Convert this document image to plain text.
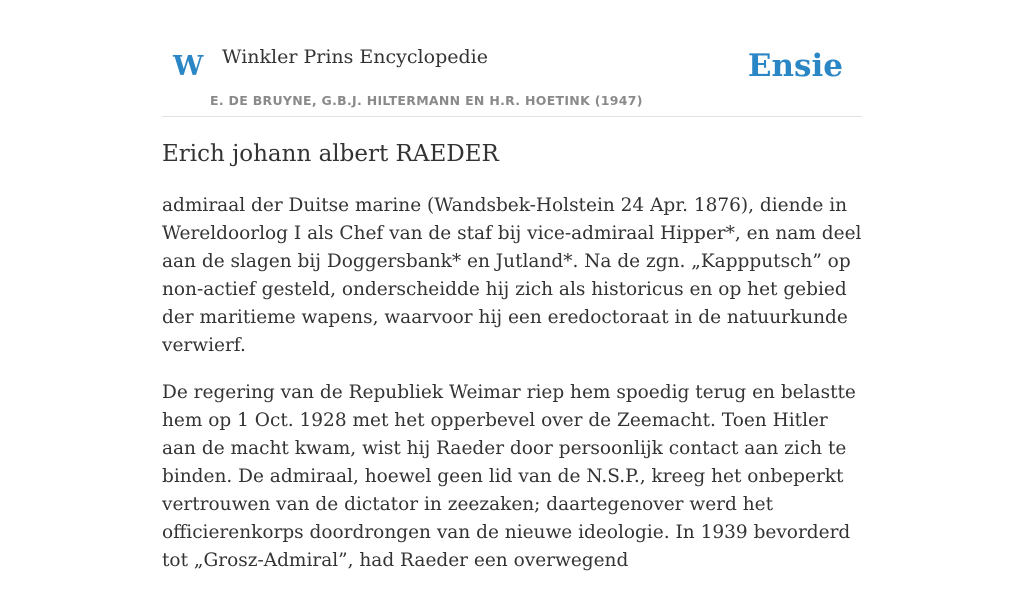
W Winkler Prins Encyclopedie
E. DE BRUYNE, G.B.J. HILTERMANN EN H.R. HOETINK (1947)
Ensie
Erich johann albert RAEDER

admiraal der Duitse marine (Wandsbek-Holstein 24 Apr. 1876), diende in Wereldoorlog I als Chef van de staf bij vice-admiraal Hipper*, en nam deel aan de slagen bij Doggersbank* en Jutland*. Na de zgn. „Kappputsch” op non-actief gesteld, onderscheidde hij zich als historicus en op het gebied der maritieme wapens, waarvoor hij een eredoctoraat in de natuurkunde verwierf.

De regering van de Republiek Weimar riep hem spoedig terug en belastte hem op 1 Oct. 1928 met het opperbevel over de Zeemacht. Toen Hitler aan de macht kwam, wist hij Raeder door persoonlijk contact aan zich te binden. De admiraal, hoewel geen lid van de N.S.P., kreeg het onbeperkt vertrouwen van de dictator in zeezaken; daartegenover werd het officierenkorps doordrongen van de nieuwe ideologie. In 1939 bevorderd tot „Grosz-Admiral”, had Raeder een overwegend
